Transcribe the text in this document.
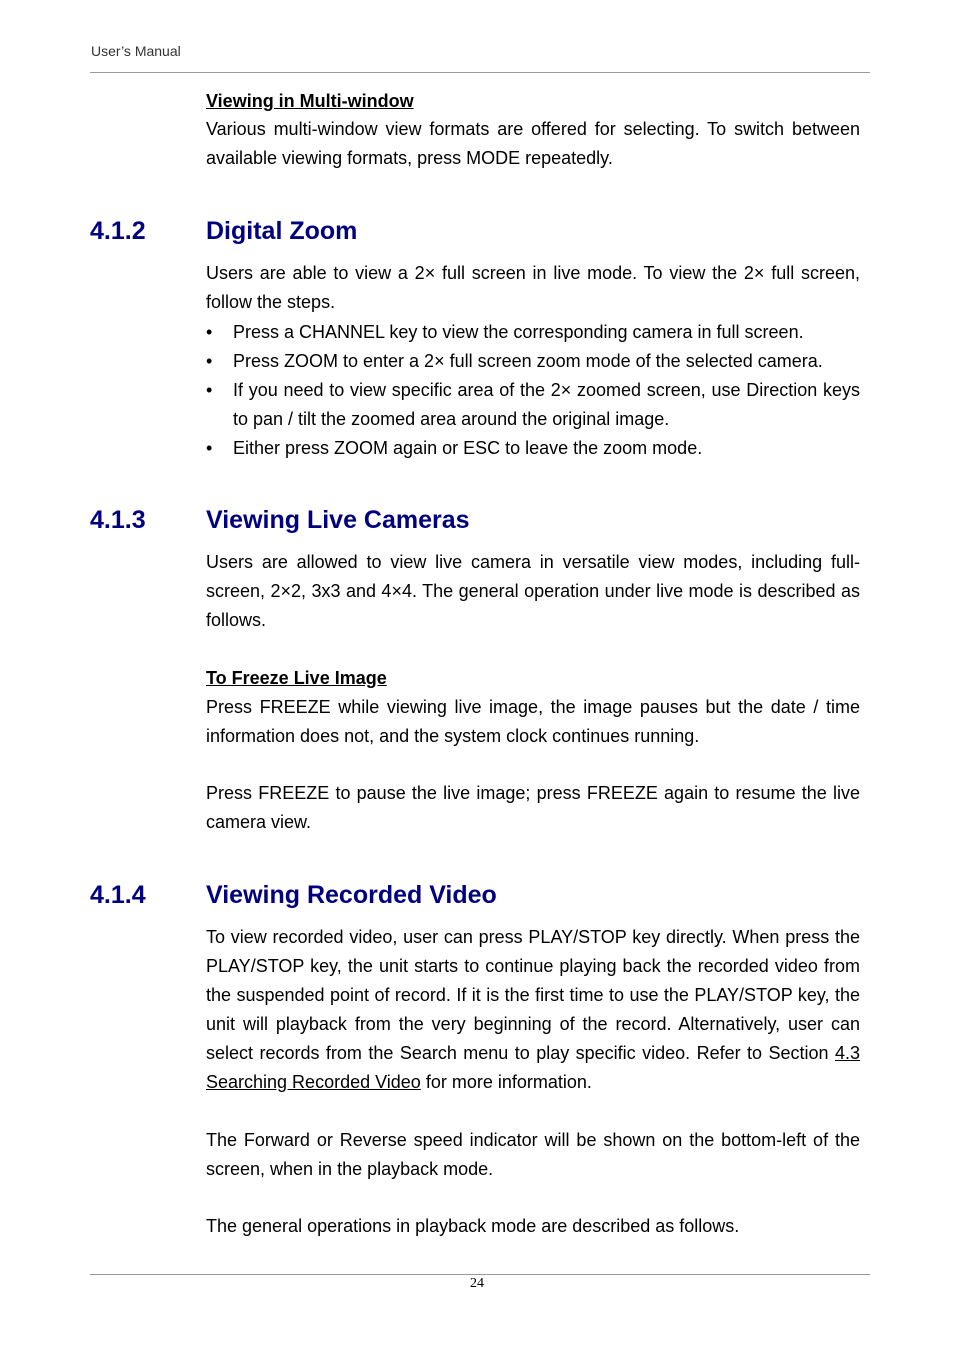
User’s Manual
Viewing in Multi-window

Various multi-window view formats are offered for selecting. To switch between available viewing formats, press MODE repeatedly.

4.1.2 Digital Zoom

Users are able to view a 2× full screen in live mode. To view the 2× full screen, follow the steps.

• Press a CHANNEL key to view the corresponding camera in full screen.
• Press ZOOM to enter a 2× full screen zoom mode of the selected camera.
• If you need to view specific area of the 2× zoomed screen, use Direction keys to pan / tilt the zoomed area around the original image.
• Either press ZOOM again or ESC to leave the zoom mode.
4.1.3 Viewing Live Cameras

Users are allowed to view live camera in versatile view modes, including full-screen, 2×2, 3x3 and 4×4. The general operation under live mode is described as follows.

To Freeze Live Image

Press FREEZE while viewing live image, the image pauses but the date / time information does not, and the system clock continues running.

Press FREEZE to pause the live image; press FREEZE again to resume the live camera view.

4.1.4 Viewing Recorded Video

To view recorded video, user can press PLAY/STOP key directly. When press the PLAY/STOP key, the unit starts to continue playing back the recorded video from the suspended point of record. If it is the first time to use the PLAY/STOP key, the unit will playback from the very beginning of the record. Alternatively, user can select records from the Search menu to play specific video. Refer to Section 4.3 Searching Recorded Video for more information.

The Forward or Reverse speed indicator will be shown on the bottom-left of the screen, when in the playback mode.

The general operations in playback mode are described as follows.

24
